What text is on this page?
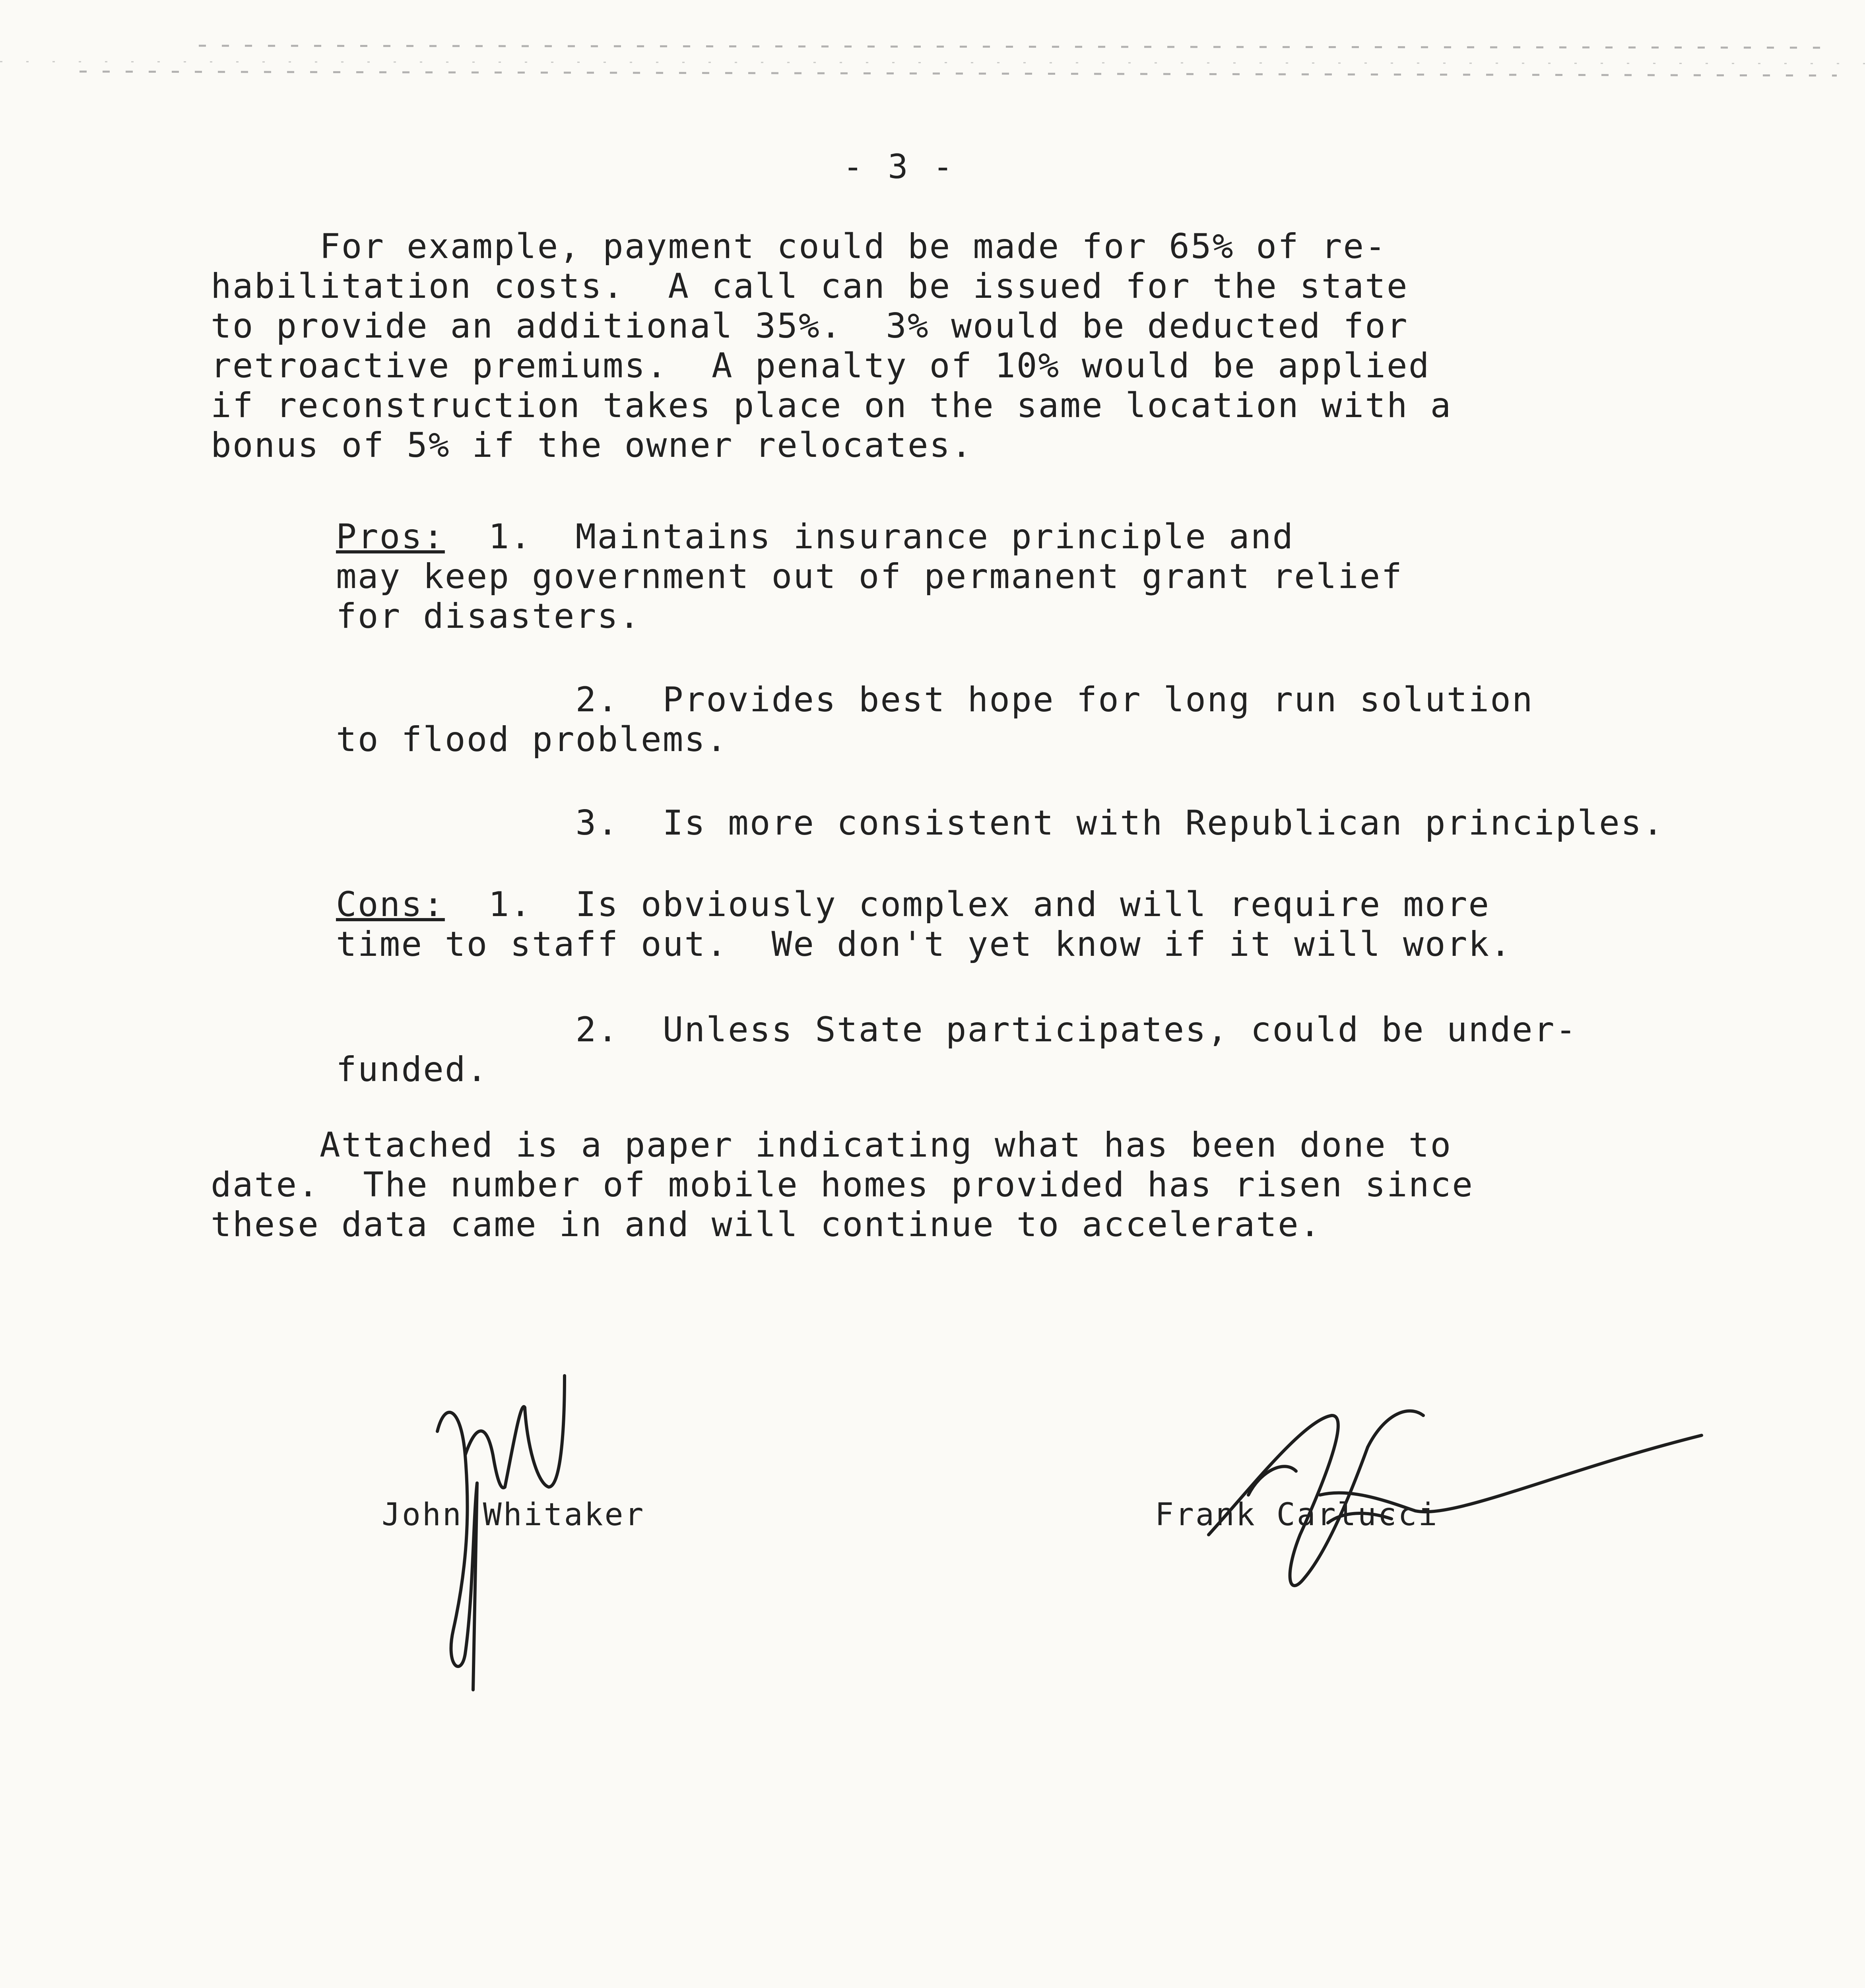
- 3 -

For example, payment could be made for 65% of re-
habilitation costs.  A call can be issued for the state
to provide an additional 35%.  3% would be deducted for
retroactive premiums.  A penalty of 10% would be applied
if reconstruction takes place on the same location with a
bonus of 5% if the owner relocates.

Pros:  1.  Maintains insurance principle and
may keep government out of permanent grant relief
for disasters.

2.  Provides best hope for long run solution
to flood problems.

3.  Is more consistent with Republican principles.

Cons:  1.  Is obviously complex and will require more
time to staff out.  We don't yet know if it will work.

2.  Unless State participates, could be under-
funded.

Attached is a paper indicating what has been done to
date.  The number of mobile homes provided has risen since
these data came in and will continue to accelerate.

John Whitaker	Frank Carlucci
